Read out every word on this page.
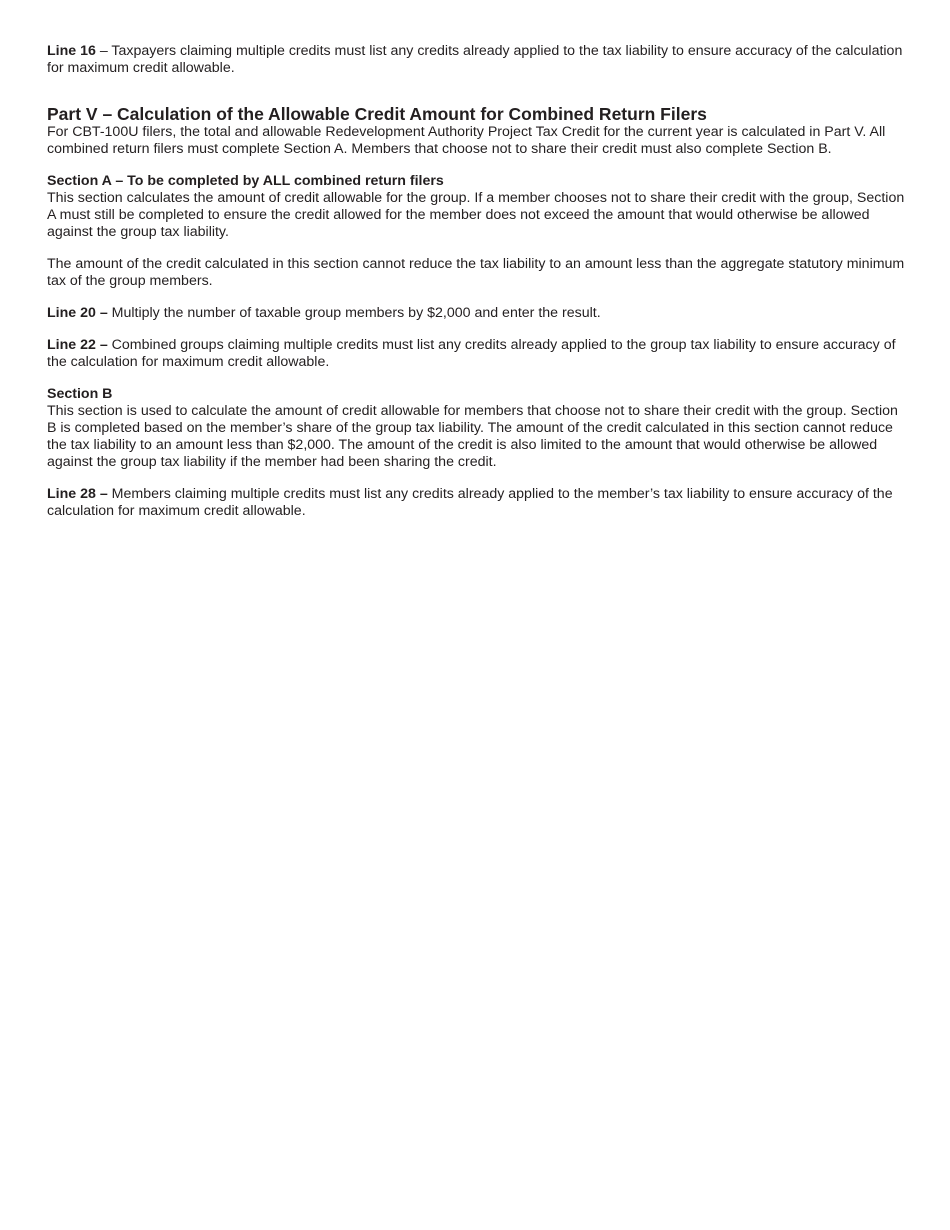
Line 16 – Taxpayers claiming multiple credits must list any credits already applied to the tax liability to ensure accuracy of the calculation for maximum credit allowable.

Part V – Calculation of the Allowable Credit Amount for Combined Return Filers

For CBT-100U filers, the total and allowable Redevelopment Authority Project Tax Credit for the current year is calculated in Part V. All combined return filers must complete Section A. Members that choose not to share their credit must also complete Section B.

Section A – To be completed by ALL combined return filers

This section calculates the amount of credit allowable for the group. If a member chooses not to share their credit with the group, Section A must still be completed to ensure the credit allowed for the member does not exceed the amount that would otherwise be allowed against the group tax liability.

The amount of the credit calculated in this section cannot reduce the tax liability to an amount less than the aggregate statutory minimum tax of the group members.

Line 20 – Multiply the number of taxable group members by $2,000 and enter the result.

Line 22 – Combined groups claiming multiple credits must list any credits already applied to the group tax liability to ensure accuracy of the calculation for maximum credit allowable.

Section B

This section is used to calculate the amount of credit allowable for members that choose not to share their credit with the group. Section B is completed based on the member’s share of the group tax liability. The amount of the credit calculated in this section cannot reduce the tax liability to an amount less than $2,000. The amount of the credit is also limited to the amount that would otherwise be allowed against the group tax liability if the member had been sharing the credit.

Line 28 – Members claiming multiple credits must list any credits already applied to the member’s tax liability to ensure accuracy of the calculation for maximum credit allowable.
